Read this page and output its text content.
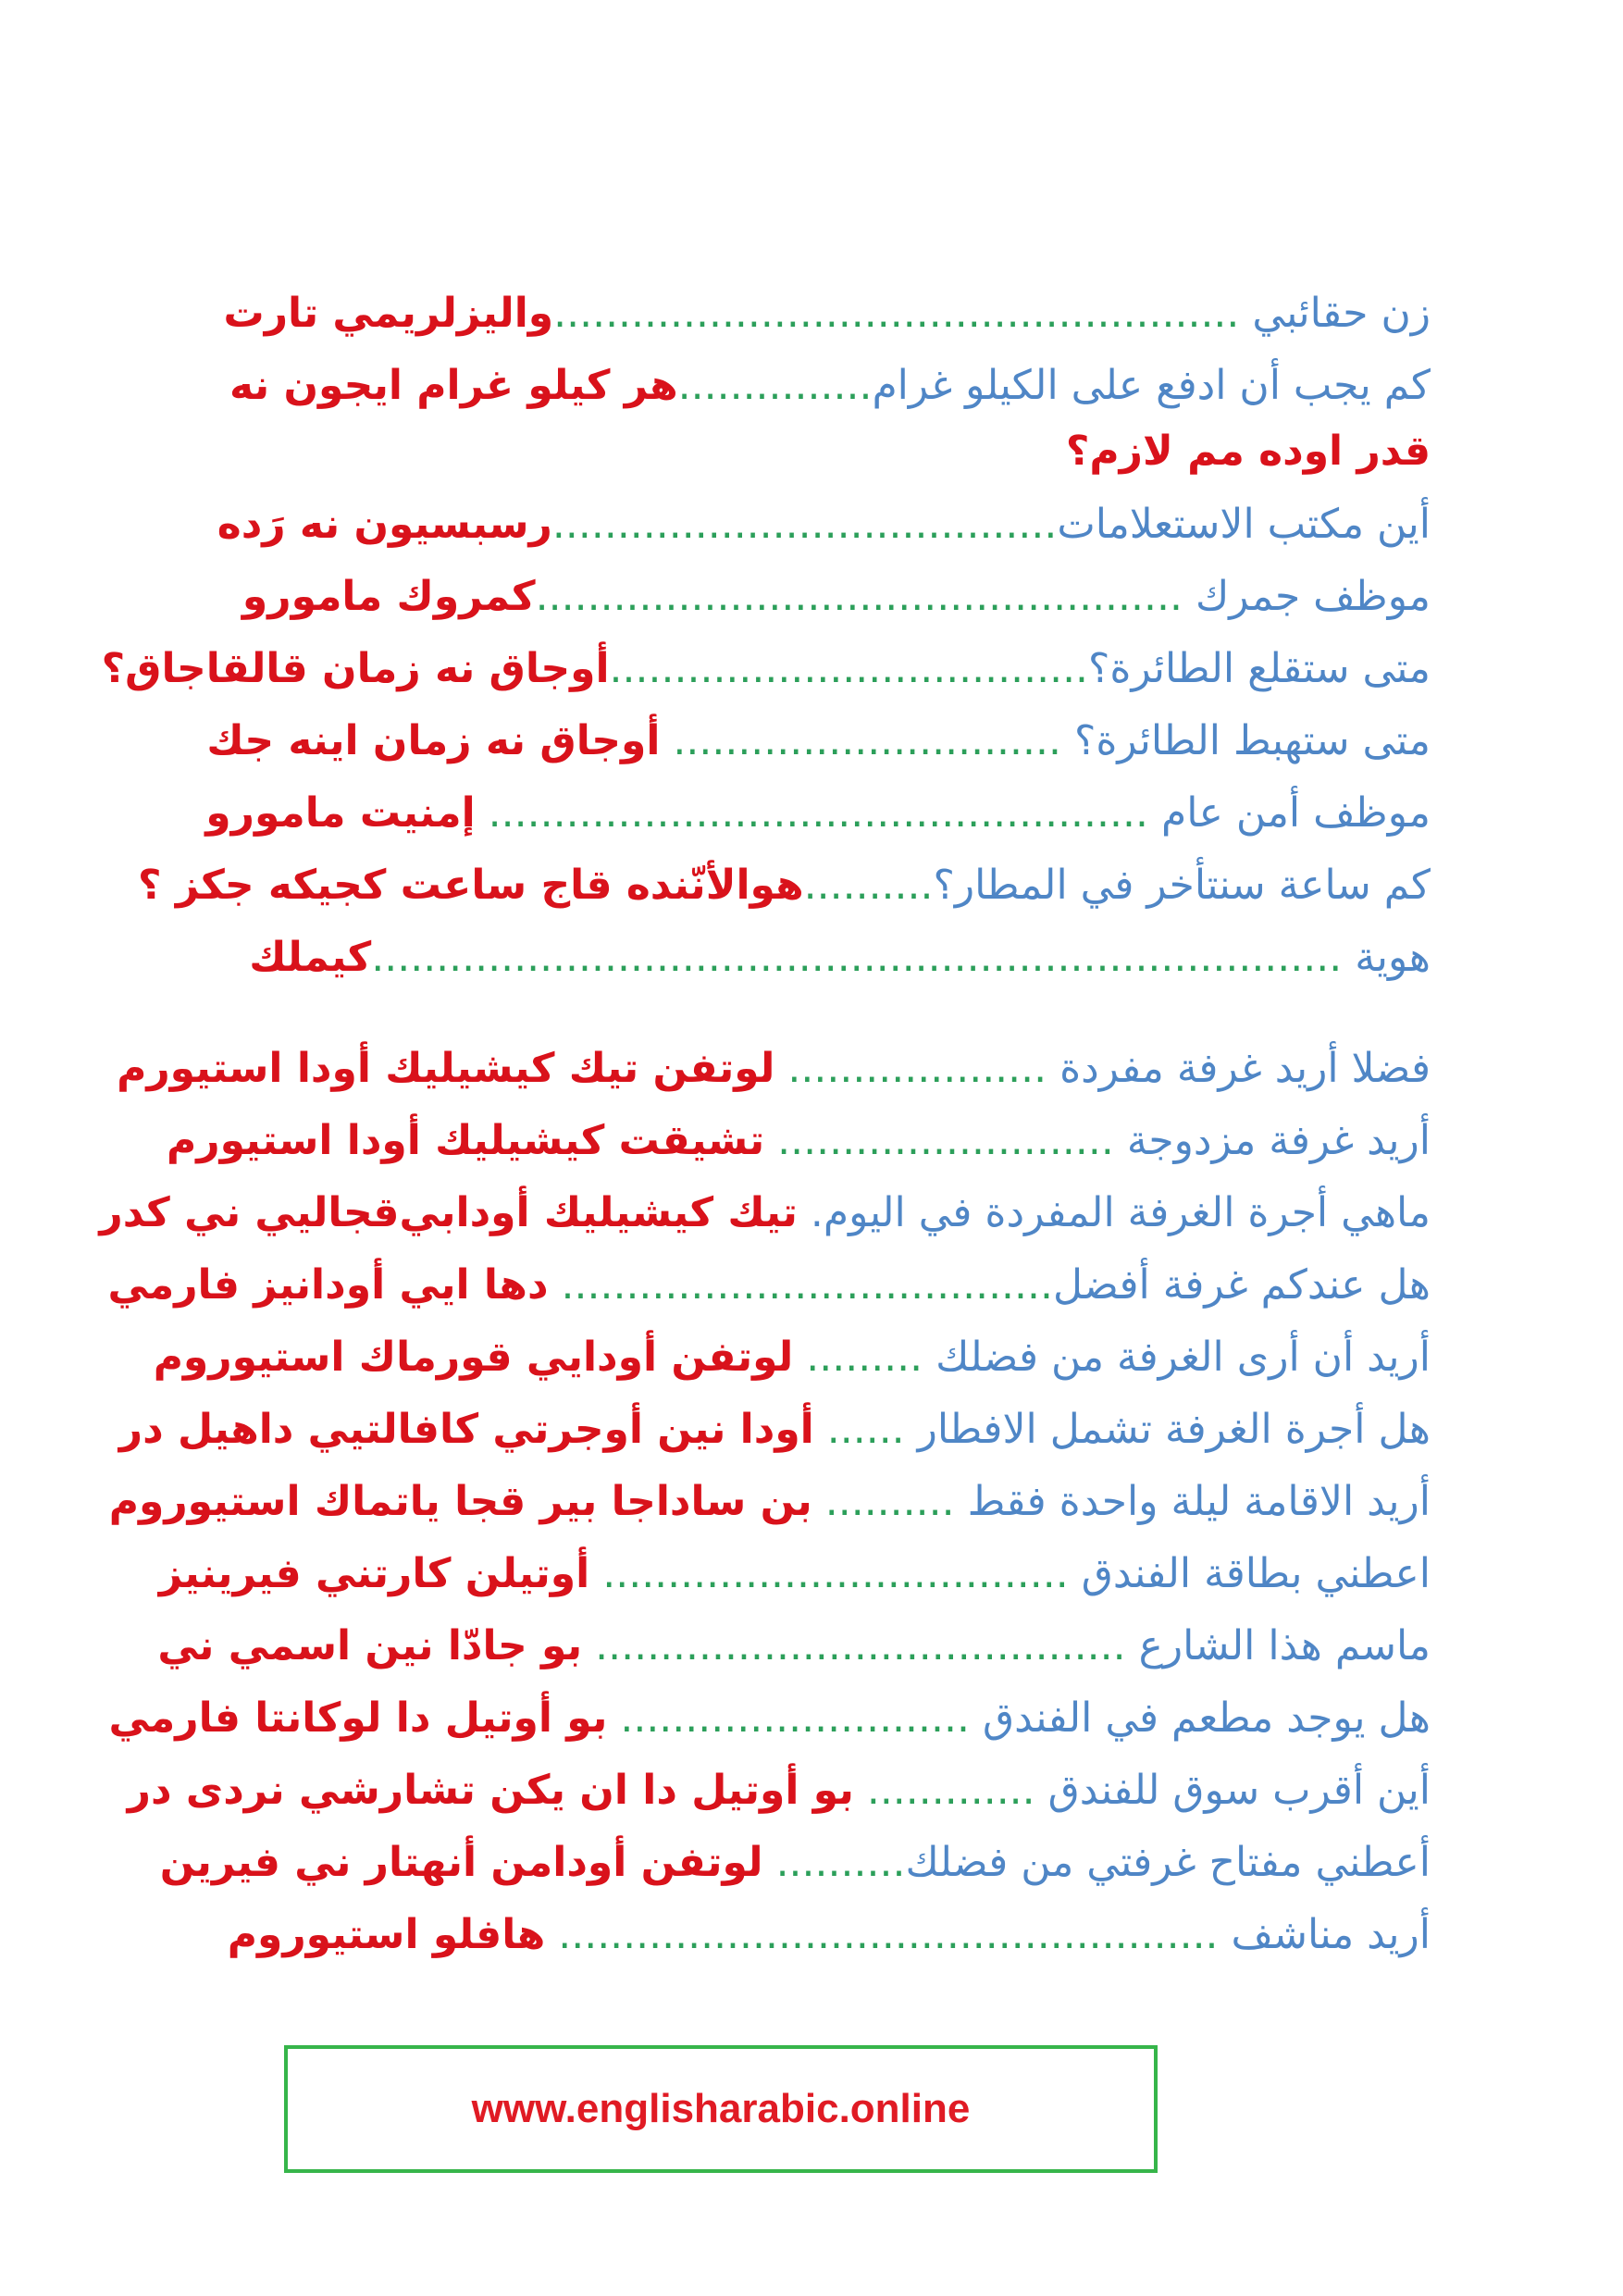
زن حقائبي .....................................................واليزلريمي تارت
كم يجب أن ادفع على الكيلو غرام...............هر كيلو غرام ايجون نه
قدر اوده مم لازم؟
أين مكتب الاستعلامات.......................................رسبسيون نه رَده
موظف جمرك ..................................................كمروك مامورو
متى ستقلع الطائرة؟.....................................أوجاق نه زمان قالقاجاق؟
متى ستهبط الطائرة؟ .............................. أوجاق نه زمان اينه جك
موظف أمن عام ................................................... إمنيت مامورو
كم ساعة سنتأخر في المطار؟..........هوالأنّنده قاج ساعت كجيكه جكز ؟
هوية ...........................................................................كيملك
فضلا أريد غرفة مفردة .................... لوتفن تيك كيشيليك أودا استيورم
أريد غرفة مزدوجة .......................... تشيقت كيشيليك أودا استيورم
ماهي أجرة الغرفة المفردة في اليوم. تيك كيشيليك أودابي‌قجاليي ني كدر
هل عندكم غرفة أفضل...................................... دها ايي أودانيز فارمي
أريد أن أرى الغرفة من فضلك ......... لوتفن أودايي قورماك استيوروم
هل أجرة الغرفة تشمل الافطار ...... أودا نين أوجرتي كافالتيي داهيل در
أريد الاقامة ليلة واحدة فقط .......... بن ساداجا بير قجا ياتماك استيوروم
اعطني بطاقة الفندق .................................... أوتيلن كارتني فيرينيز
ماسم هذا الشارع ......................................... بو جادّا نين اسمي ني
هل يوجد مطعم في الفندق ........................... بو أوتيل دا لوكانتا فارمي
أين أقرب سوق للفندق ............. بو أوتيل دا ان يكن تشارشي نردى در
أعطني مفتاح غرفتي من فضلك.......... لوتفن أودامن أنهتار ني فيرين
أريد مناشف ................................................... هافلو استيوروم
www.englisharabic.online
